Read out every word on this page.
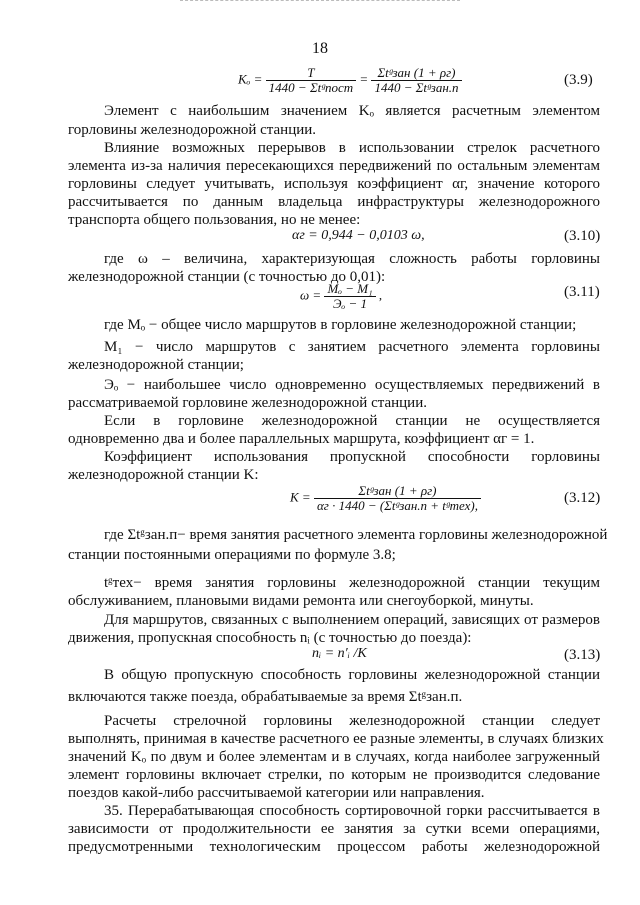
18
$K_o = \frac{T}{\text{1440 − Σtᵍпост}} = \frac{\text{Σtᵍзан (1 + ρг)}}{\text{1440 − Σtᵍзан.п}}$	(3.9)
Элемент с наибольшим значением Kₒ является расчетным элементом
горловины железнодорожной станции.
Влияние возможных перерывов в использовании стрелок расчетного
элемента из-за наличия пересекающихся передвижений по остальным элементам
горловины следует учитывать, используя коэффициент αг, значение которого
рассчитывается по данным владельца инфраструктуры железнодорожного
транспорта общего пользования, но не менее:
αг = 0,944 − 0,0103 ω,	(3.10)
где ω – величина, характеризующая сложность работы горловины
железнодорожной станции (с точностью до 0,01):
$\omega = \frac{\text{Mₒ − M₁}}{\text{Эₒ − 1}}$ ,	(3.11)
где Мₒ − общее число маршрутов в горловине железнодорожной станции;
М₁ − число маршрутов с занятием расчетного элемента горловины
железнодорожной станции;
Эₒ − наибольшее число одновременно осуществляемых передвижений в
рассматриваемой горловине железнодорожной станции.
Если в горловине железнодорожной станции не осуществляется
одновременно два и более параллельных маршрута, коэффициент αг = 1.
Коэффициент использования пропускной способности горловины
железнодорожной станции K:
$K = \frac{\text{Σtᵍзан (1 + ρг)}}{\text{αг · 1440 − (Σtᵍзан.п + tᵍтех),}}$	(3.12)
где Σtᵍзан.п− время занятия расчетного элемента горловины железнодорожной
станции постоянными операциями по формуле 3.8;
tᵍтех− время занятия горловины железнодорожной станции текущим
обслуживанием, плановыми видами ремонта или снегоуборкой, минуты.
Для маршрутов, связанных с выполнением операций, зависящих от размеров
движения, пропускная способность nᵢ (с точностью до поезда):
nᵢ = n′ᵢ /K	(3.13)
В общую пропускную способность горловины железнодорожной станции
включаются также поезда, обрабатываемые за время Σtᵍзан.п.
Расчеты стрелочной горловины железнодорожной станции следует
выполнять, принимая в качестве расчетного ее разные элементы, в случаях близких
значений Kₒ по двум и более элементам и в случаях, когда наиболее загруженный
элемент горловины включает стрелки, по которым не производится следование
поездов какой-либо рассчитываемой категории или направления.
35. Перерабатывающая способность сортировочной горки рассчитывается в
зависимости от продолжительности ее занятия за сутки всеми операциями,
предусмотренными технологическим процессом работы железнодорожной
